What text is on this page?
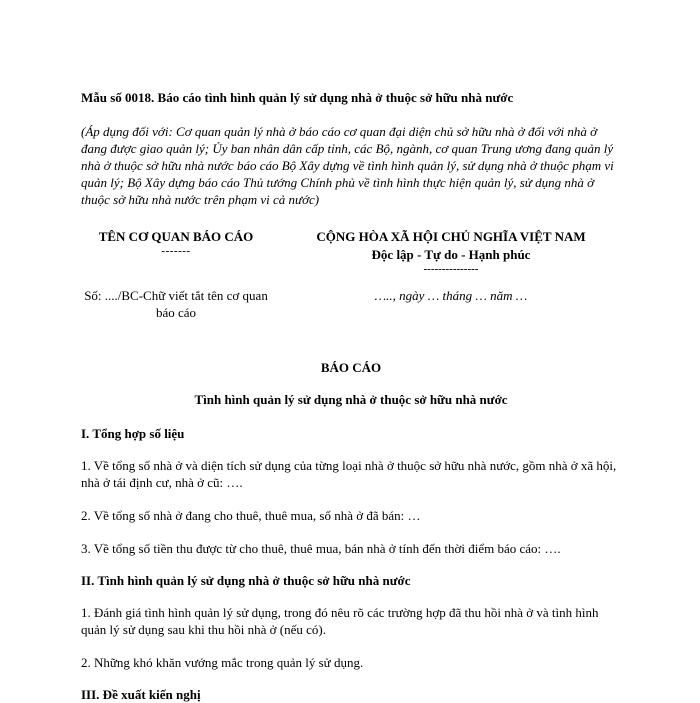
Mẫu số 0018. Báo cáo tình hình quản lý sử dụng nhà ở thuộc sở hữu nhà nước
(Áp dụng đối với: Cơ quan quản lý nhà ở báo cáo cơ quan đại diện chủ sở hữu nhà ở đối với nhà ở đang được giao quản lý; Ủy ban nhân dân cấp tỉnh, các Bộ, ngành, cơ quan Trung ương đang quản lý nhà ở thuộc sở hữu nhà nước báo cáo Bộ Xây dựng về tình hình quản lý, sử dụng nhà ở thuộc phạm vi quản lý; Bộ Xây dựng báo cáo Thủ tướng Chính phủ về tình hình thực hiện quản lý, sử dụng nhà ở thuộc sở hữu nhà nước trên phạm vi cả nước)
TÊN CƠ QUAN BÁO CÁO
-------
CỘNG HÒA XÃ HỘI CHỦ NGHĨA VIỆT NAM
Độc lập - Tự do - Hạnh phúc
---------------
Số: ..../BC-Chữ viết tắt tên cơ quan báo cáo
….., ngày … tháng … năm …
BÁO CÁO
Tình hình quản lý sử dụng nhà ở thuộc sở hữu nhà nước
I. Tổng hợp số liệu
1. Về tổng số nhà ở và diện tích sử dụng của từng loại nhà ở thuộc sở hữu nhà nước, gồm nhà ở xã hội, nhà ở tái định cư, nhà ở cũ: ….
2. Về tổng số nhà ở đang cho thuê, thuê mua, số nhà ở đã bán: …
3. Về tổng số tiền thu được từ cho thuê, thuê mua, bán nhà ở tính đến thời điểm báo cáo: ….
II. Tình hình quản lý sử dụng nhà ở thuộc sở hữu nhà nước
1. Đánh giá tình hình quản lý sử dụng, trong đó nêu rõ các trường hợp đã thu hồi nhà ở và tình hình quản lý sử dụng sau khi thu hồi nhà ở (nếu có).
2. Những khó khăn vướng mắc trong quản lý sử dụng.
III. Đề xuất kiến nghị
